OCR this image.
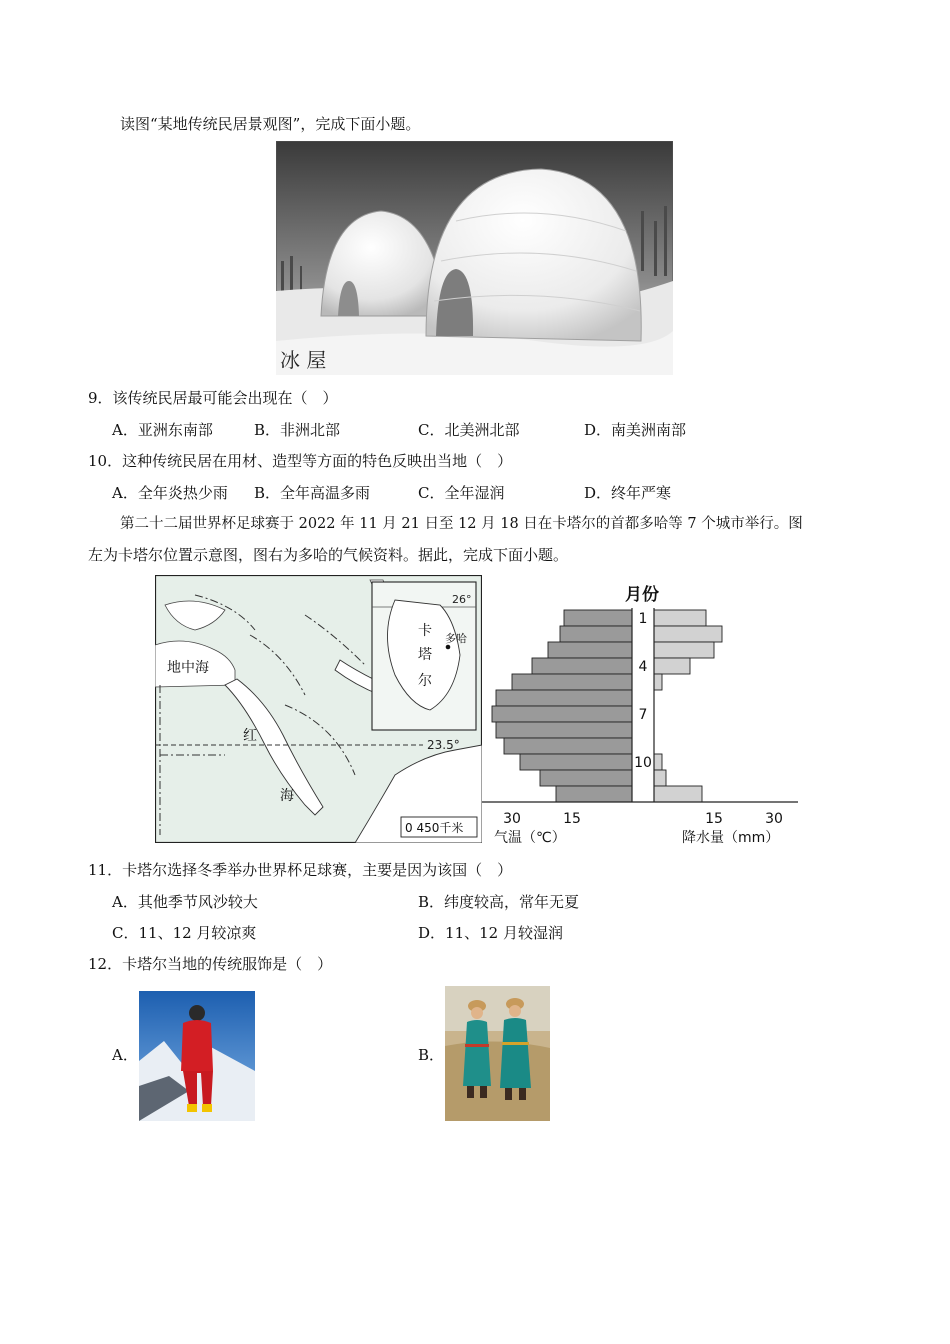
读图“某地传统民居景观图”，完成下面小题。
冰 屋
9．该传统民居最可能会出现在（　）
A．亚洲东南部	B．非洲北部	C．北美洲北部	D．南美洲南部
10．这种传统民居在用材、造型等方面的特色反映出当地（　）
A．全年炎热少雨 B．全年高温多雨	C．全年湿润	D．终年严寒
第二十二届世界杯足球赛于 2022 年 11 月 21 日至 12 月 18 日在卡塔尔的首都多哈等 7 个城市举行。图
左为卡塔尔位置示意图，图右为多哈的气候资料。据此，完成下面小题。
23.5°
地中海
红
海
26°
卡
塔
尔
多哈
0 450千米
月份
1
4
7
10
30	15	15	30
气温（℃）	降水量（mm）
11．卡塔尔选择冬季举办世界杯足球赛，主要是因为该国（　）
A．其他季节风沙较大	B．纬度较高，常年无夏
C．11、12 月较凉爽	D．11、12 月较湿润
12．卡塔尔当地的传统服饰是（　）
A．	B．
